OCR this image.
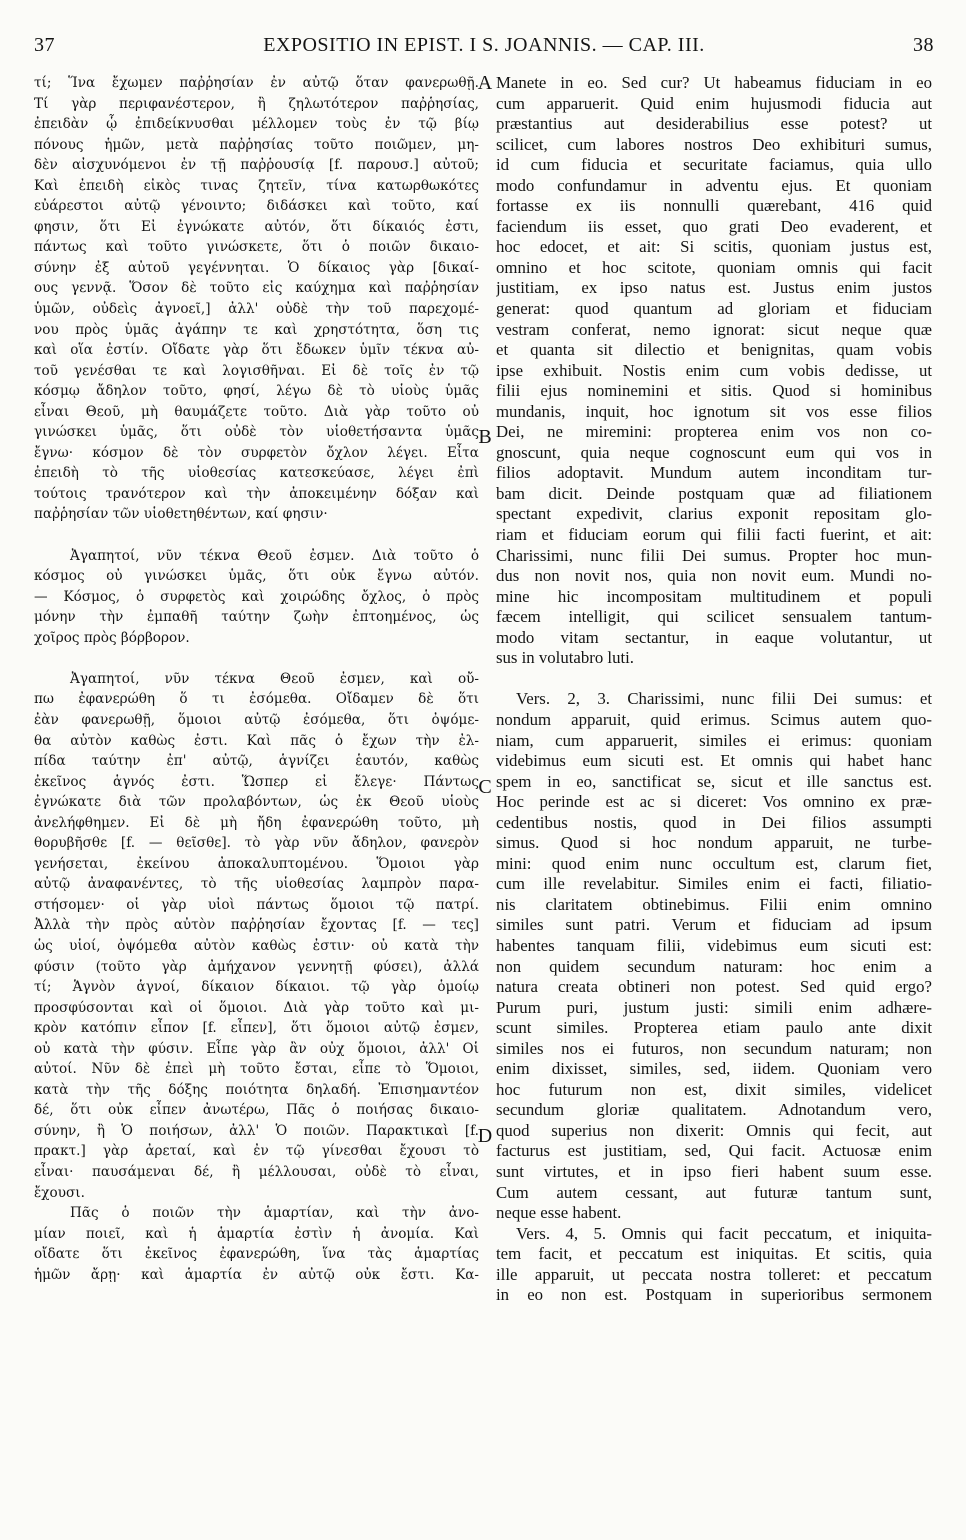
37	EXPOSITIO IN EPIST. I S. JOANNIS. — CAP. III.	38
τί; Ἵνα ἔχωμεν παῤῥησίαν ἐν αὐτῷ ὅταν φανερωθῇ.
Τί γὰρ περιφανέστερον, ἢ ζηλωτότερον παῤῥησίας,
ἐπειδὰν ᾧ ἐπιδείκνυσθαι μέλλομεν τοὺς ἐν τῷ βίῳ
πόνους ἡμῶν, μετὰ παῤῥησίας τοῦτο ποιῶμεν, μη-
δὲν αἰσχυνόμενοι ἐν τῇ παῤῥουσίᾳ [f. παρουσ.] αὐτοῦ;
Καὶ ἐπειδὴ εἰκὸς τινας ζητεῖν, τίνα κατωρθωκότες
εὐάρεστοι αὐτῷ γένοιντο; διδάσκει καὶ τοῦτο, καί
φησιν, ὅτι Εἰ ἐγνώκατε αὐτόν, ὅτι δίκαιός ἐστι,
πάντως καὶ τοῦτο γινώσκετε, ὅτι ὁ ποιῶν δικαιο-
σύνην ἐξ αὐτοῦ γεγέννηται. Ὁ δίκαιος γὰρ [δικαί-
ους γεννᾷ. Ὅσον δὲ τοῦτο εἰς καύχημα καὶ παῤῥησίαν
ὑμῶν, οὐδεὶς ἀγνοεῖ,] ἀλλ' οὐδὲ τὴν τοῦ παρεχομέ-
νου πρὸς ὑμᾶς ἀγάπην τε καὶ χρηστότητα, ὅση τις
καὶ οἵα ἐστίν. Οἴδατε γὰρ ὅτι ἔδωκεν ὑμῖν τέκνα αὐ-
τοῦ γενέσθαι τε καὶ λογισθῆναι. Εἰ δὲ τοῖς ἐν τῷ
κόσμῳ ἄδηλον τοῦτο, φησί, λέγω δὲ τὸ υἱοὺς ὑμᾶς
εἶναι Θεοῦ, μὴ θαυμάζετε τοῦτο. Διὰ γὰρ τοῦτο οὐ
γινώσκει ὑμᾶς, ὅτι οὐδὲ τὸν υἱοθετήσαντα ὑμᾶς
ἔγνω· κόσμον δὲ τὸν συρφετὸν ὄχλον λέγει. Εἶτα
ἐπειδὴ τὸ τῆς υἱοθεσίας κατεσκεύασε, λέγει ἐπὶ
τούτοις τρανότερον καὶ τὴν ἀποκειμένην δόξαν καὶ
παῤῥησίαν τῶν υἱοθετηθέντων, καί φησιν·
Ἀγαπητοί, νῦν τέκνα Θεοῦ ἐσμεν. Διὰ τοῦτο ὁ
κόσμος οὐ γινώσκει ὑμᾶς, ὅτι οὐκ ἔγνω αὐτόν.
— Κόσμος, ὁ συρφετὸς καὶ χοιρώδης ὄχλος, ὁ πρὸς
μόνην τὴν ἐμπαθῆ ταύτην ζωὴν ἐπτοημένος, ὡς
χοῖρος πρὸς βόρβορον.
Ἀγαπητοί, νῦν τέκνα Θεοῦ ἐσμεν, καὶ οὔ-
πω ἐφανερώθη ὅ τι ἐσόμεθα. Οἴδαμεν δὲ ὅτι
ἐὰν φανερωθῇ, ὅμοιοι αὐτῷ ἐσόμεθα, ὅτι ὀψόμε-
θα αὐτὸν καθὼς ἐστι. Καὶ πᾶς ὁ ἔχων τὴν ἐλ-
πίδα ταύτην ἐπ' αὐτῷ, ἁγνίζει ἑαυτόν, καθὼς
ἐκεῖνος ἁγνός ἐστι. Ὥσπερ εἰ ἔλεγε· Πάντως
ἐγνώκατε διὰ τῶν προλαβόντων, ὡς ἐκ Θεοῦ υἱοὺς
ἀνελήφθημεν. Εἰ δὲ μὴ ἤδη ἐφανερώθη τοῦτο, μὴ
θορυβῆσθε [f. — θεῖσθε]. τὸ γὰρ νῦν ἄδηλον, φανερὸν
γενήσεται, ἐκείνου ἀποκαλυπτομένου. Ὅμοιοι γὰρ
αὐτῷ ἀναφανέντες, τὸ τῆς υἱοθεσίας λαμπρὸν παρα-
στήσομεν· οἱ γὰρ υἱοὶ πάντως ὅμοιοι τῷ πατρί.
Ἀλλὰ τὴν πρὸς αὐτὸν παῤῥησίαν ἔχοντας [f. — τες]
ὡς υἱοί, ὀψόμεθα αὐτὸν καθὼς ἐστιν· οὐ κατὰ τὴν
φύσιν (τοῦτο γὰρ ἀμήχανον γεννητῇ φύσει), ἀλλά
τί; Ἁγνὸν ἁγνοί, δίκαιον δίκαιοι. τῷ γὰρ ὁμοίῳ
προσφύσονται καὶ οἱ ὅμοιοι. Διὰ γὰρ τοῦτο καὶ μι-
κρὸν κατόπιν εἶπον [f. εἶπεν], ὅτι ὅμοιοι αὐτῷ ἐσμεν,
οὐ κατὰ τὴν φύσιν. Εἶπε γὰρ ἂν οὐχ ὅμοιοι, ἀλλ' Οἱ
αὐτοί. Νῦν δὲ ἐπεὶ μὴ τοῦτο ἔσται, εἶπε τὸ Ὅμοιοι,
κατὰ τὴν τῆς δόξης ποιότητα δηλαδή. Ἐπισημαντέον
δέ, ὅτι οὐκ εἶπεν ἀνωτέρω, Πᾶς ὁ ποιήσας δικαιο-
σύνην, ἢ Ὁ ποιήσων, ἀλλ' Ὁ ποιῶν. Παρακτικαὶ [f.
πρακτ.] γὰρ ἀρεταί, καὶ ἐν τῷ γίνεσθαι ἔχουσι τὸ
εἶναι· παυσάμεναι δέ, ἢ μέλλουσαι, οὐδὲ τὸ εἶναι,
ἔχουσι.
Πᾶς ὁ ποιῶν τὴν ἁμαρτίαν, καὶ τὴν ἀνο-
μίαν ποιεῖ, καὶ ἡ ἁμαρτία ἐστὶν ἡ ἀνομία. Καὶ
οἴδατε ὅτι ἐκεῖνος ἐφανερώθη, ἵνα τὰς ἁμαρτίας
ἡμῶν ἄρῃ· καὶ ἁμαρτία ἐν αὐτῷ οὐκ ἔστι. Κα-
Manete in eo. Sed cur? Ut habeamus fiduciam in eo
cum apparuerit. Quid enim hujusmodi fiducia aut
præstantius aut desiderabilius esse potest? ut
scilicet, cum labores nostros Deo exhibituri sumus,
id cum fiducia et securitate faciamus, quia ullo
modo confundamur in adventu ejus. Et quoniam
fortasse ex iis nonnulli quærebant, 416 quid
faciendum iis esset, quo grati Deo evaderent, et
hoc edocet, et ait: Si scitis, quoniam justus est,
omnino et hoc scitote, quoniam omnis qui facit
justitiam, ex ipso natus est. Justus enim justos
generat: quod quantum ad gloriam et fiduciam
vestram conferat, nemo ignorat: sicut neque quæ
et quanta sit dilectio et benignitas, quam vobis
ipse exhibuit. Nostis enim cum vobis dedisse, ut
filii ejus nominemini et sitis. Quod si hominibus
mundanis, inquit, hoc ignotum sit vos esse filios
Dei, ne miremini: propterea enim vos non co-
gnoscunt, quia neque cognoscunt eum qui vos in
filios adoptavit. Mundum autem inconditam tur-
bam dicit. Deinde postquam quæ ad filiationem
spectant expedivit, clarius exponit repositam glo-
riam et fiduciam eorum qui filii facti fuerint, et ait:
Charissimi, nunc filii Dei sumus. Propter hoc mun-
dus non novit nos, quia non novit eum. Mundi no-
mine hic incompositam multitudinem et populi
fæcem intelligit, qui scilicet sensualem tantum-
modo vitam sectantur, in eaque volutantur, ut
sus in volutabro luti.
Vers. 2, 3. Charissimi, nunc filii Dei sumus: et
nondum apparuit, quid erimus. Scimus autem quo-
niam, cum apparuerit, similes ei erimus: quoniam
videbimus eum sicuti est. Et omnis qui habet hanc
spem in eo, sanctificat se, sicut et ille sanctus est.
Hoc perinde est ac si diceret: Vos omnino ex præ-
cedentibus nostis, quod in Dei filios assumpti
simus. Quod si hoc nondum apparuit, ne turbe-
mini: quod enim nunc occultum est, clarum fiet,
cum ille revelabitur. Similes enim ei facti, filiatio-
nis claritatem obtinebimus. Filii enim omnino
similes sunt patri. Verum et fiduciam ad ipsum
habentes tanquam filii, videbimus eum sicuti est:
non quidem secundum naturam: hoc enim a
natura creata obtineri non potest. Sed quid ergo?
Purum puri, justum justi: simili enim adhære-
scunt similes. Propterea etiam paulo ante dixit
similes nos ei futuros, non secundum naturam; non
enim dixisset, similes, sed, iidem. Quoniam vero
hoc futurum non est, dixit similes, videlicet
secundum gloriæ qualitatem. Adnotandum vero,
quod superius non dixerit: Omnis qui fecit, aut
facturus est justitiam, sed, Qui facit. Actuosæ enim
sunt virtutes, et in ipso fieri habent suum esse.
Cum autem cessant, aut futuræ tantum sunt,
neque esse habent.
Vers. 4, 5. Omnis qui facit peccatum, et iniquita-
tem facit, et peccatum est iniquitas. Et scitis, quia
ille apparuit, ut peccata nostra tolleret: et peccatum
in eo non est. Postquam in superioribus sermonem
A
B
C
D
